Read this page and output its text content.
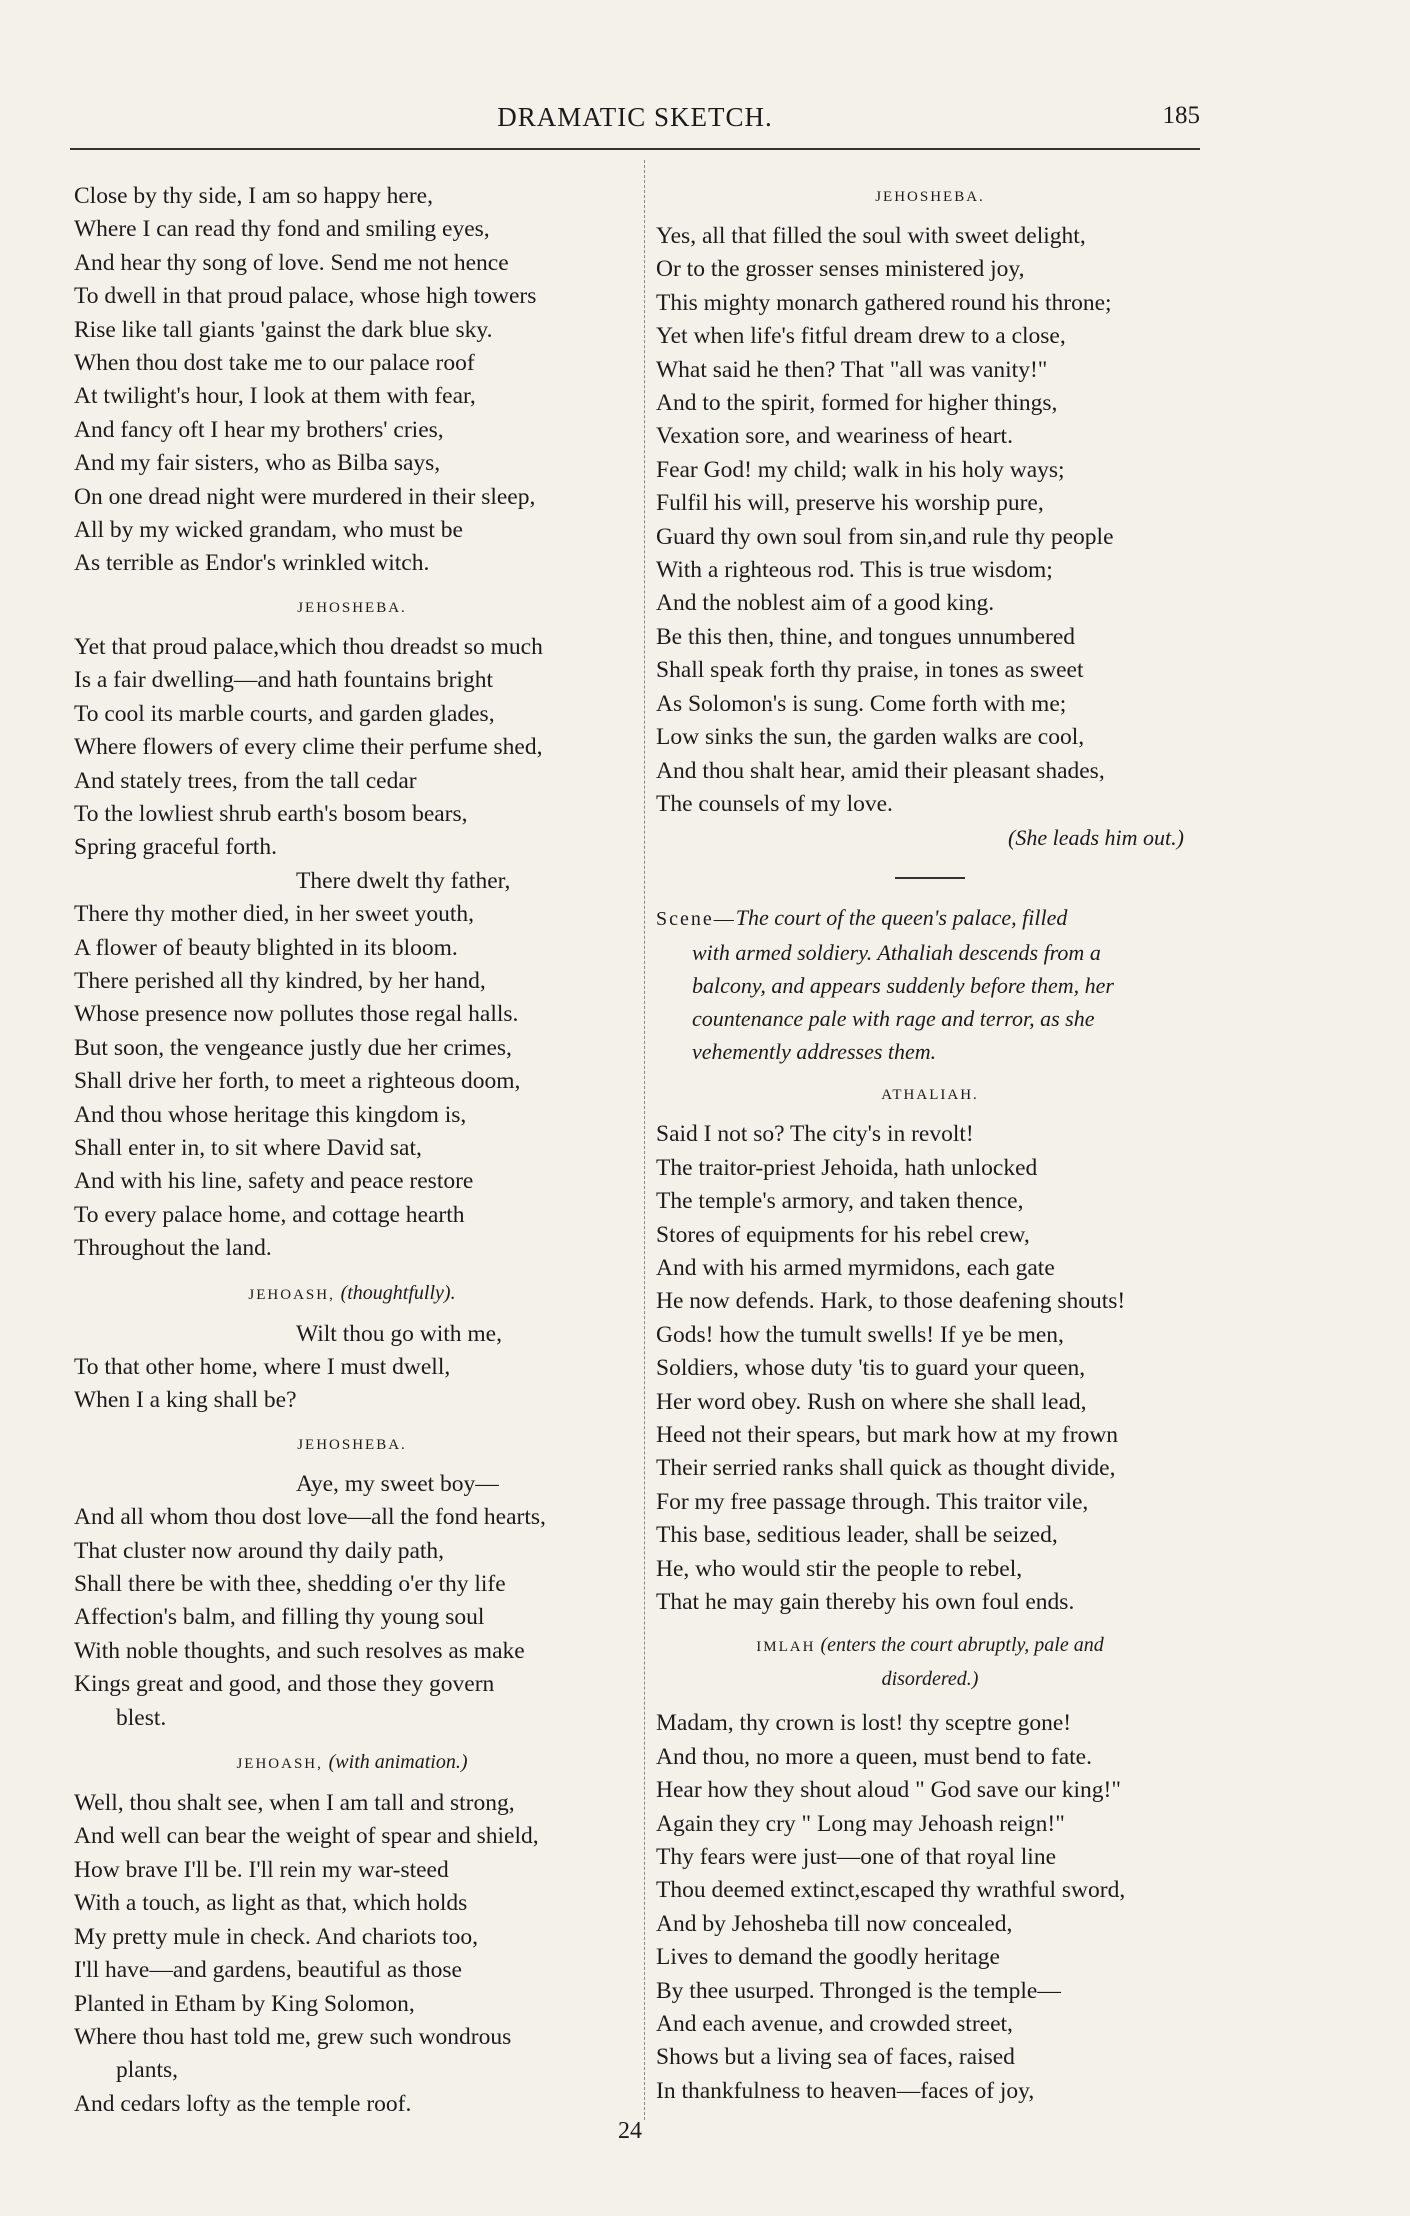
DRAMATIC SKETCH.	185
Close by thy side, I am so happy here,
Where I can read thy fond and smiling eyes,
And hear thy song of love. Send me not hence
To dwell in that proud palace, whose high towers
Rise like tall giants 'gainst the dark blue sky.
When thou dost take me to our palace roof
At twilight's hour, I look at them with fear,
And fancy oft I hear my brothers' cries,
And my fair sisters, who as Bilba says,
On one dread night were murdered in their sleep,
All by my wicked grandam, who must be
As terrible as Endor's wrinkled witch.
JEHOSHEBA.
Yet that proud palace,which thou dreadst so much
Is a fair dwelling—and hath fountains bright
To cool its marble courts, and garden glades,
Where flowers of every clime their perfume shed,
And stately trees, from the tall cedar
To the lowliest shrub earth's bosom bears,
Spring graceful forth.
There dwelt thy father,
There thy mother died, in her sweet youth,
A flower of beauty blighted in its bloom.
There perished all thy kindred, by her hand,
Whose presence now pollutes those regal halls.
But soon, the vengeance justly due her crimes,
Shall drive her forth, to meet a righteous doom,
And thou whose heritage this kingdom is,
Shall enter in, to sit where David sat,
And with his line, safety and peace restore
To every palace home, and cottage hearth
Throughout the land.
JEHOASH, (thoughtfully).
Wilt thou go with me,
To that other home, where I must dwell,
When I a king shall be?
JEHOSHEBA.
Aye, my sweet boy—
And all whom thou dost love—all the fond hearts,
That cluster now around thy daily path,
Shall there be with thee, shedding o'er thy life
Affection's balm, and filling thy young soul
With noble thoughts, and such resolves as make
Kings great and good, and those they govern
blest.
JEHOASH, (with animation.)
Well, thou shalt see, when I am tall and strong,
And well can bear the weight of spear and shield,
How brave I'll be. I'll rein my war-steed
With a touch, as light as that, which holds
My pretty mule in check. And chariots too,
I'll have—and gardens, beautiful as those
Planted in Etham by King Solomon,
Where thou hast told me, grew such wondrous
plants,
And cedars lofty as the temple roof.
JEHOSHEBA.
Yes, all that filled the soul with sweet delight,
Or to the grosser senses ministered joy,
This mighty monarch gathered round his throne;
Yet when life's fitful dream drew to a close,
What said he then? That "all was vanity!"
And to the spirit, formed for higher things,
Vexation sore, and weariness of heart.
Fear God! my child; walk in his holy ways;
Fulfil his will, preserve his worship pure,
Guard thy own soul from sin,and rule thy people
With a righteous rod. This is true wisdom;
And the noblest aim of a good king.
Be this then, thine, and tongues unnumbered
Shall speak forth thy praise, in tones as sweet
As Solomon's is sung. Come forth with me;
Low sinks the sun, the garden walks are cool,
And thou shalt hear, amid their pleasant shades,
The counsels of my love.
(She leads him out.)
Scene—The court of the queen's palace, filled
with armed soldiery. Athaliah descends from a
balcony, and appears suddenly before them, her
countenance pale with rage and terror, as she
vehemently addresses them.
ATHALIAH.
Said I not so? The city's in revolt!
The traitor-priest Jehoida, hath unlocked
The temple's armory, and taken thence,
Stores of equipments for his rebel crew,
And with his armed myrmidons, each gate
He now defends. Hark, to those deafening shouts!
Gods! how the tumult swells! If ye be men,
Soldiers, whose duty 'tis to guard your queen,
Her word obey. Rush on where she shall lead,
Heed not their spears, but mark how at my frown
Their serried ranks shall quick as thought divide,
For my free passage through. This traitor vile,
This base, seditious leader, shall be seized,
He, who would stir the people to rebel,
That he may gain thereby his own foul ends.
IMLAH (enters the court abruptly, pale and
disordered.)
Madam, thy crown is lost! thy sceptre gone!
And thou, no more a queen, must bend to fate.
Hear how they shout aloud " God save our king!"
Again they cry " Long may Jehoash reign!"
Thy fears were just—one of that royal line
Thou deemed extinct,escaped thy wrathful sword,
And by Jehosheba till now concealed,
Lives to demand the goodly heritage
By thee usurped. Thronged is the temple—
And each avenue, and crowded street,
Shows but a living sea of faces, raised
In thankfulness to heaven—faces of joy,
24
